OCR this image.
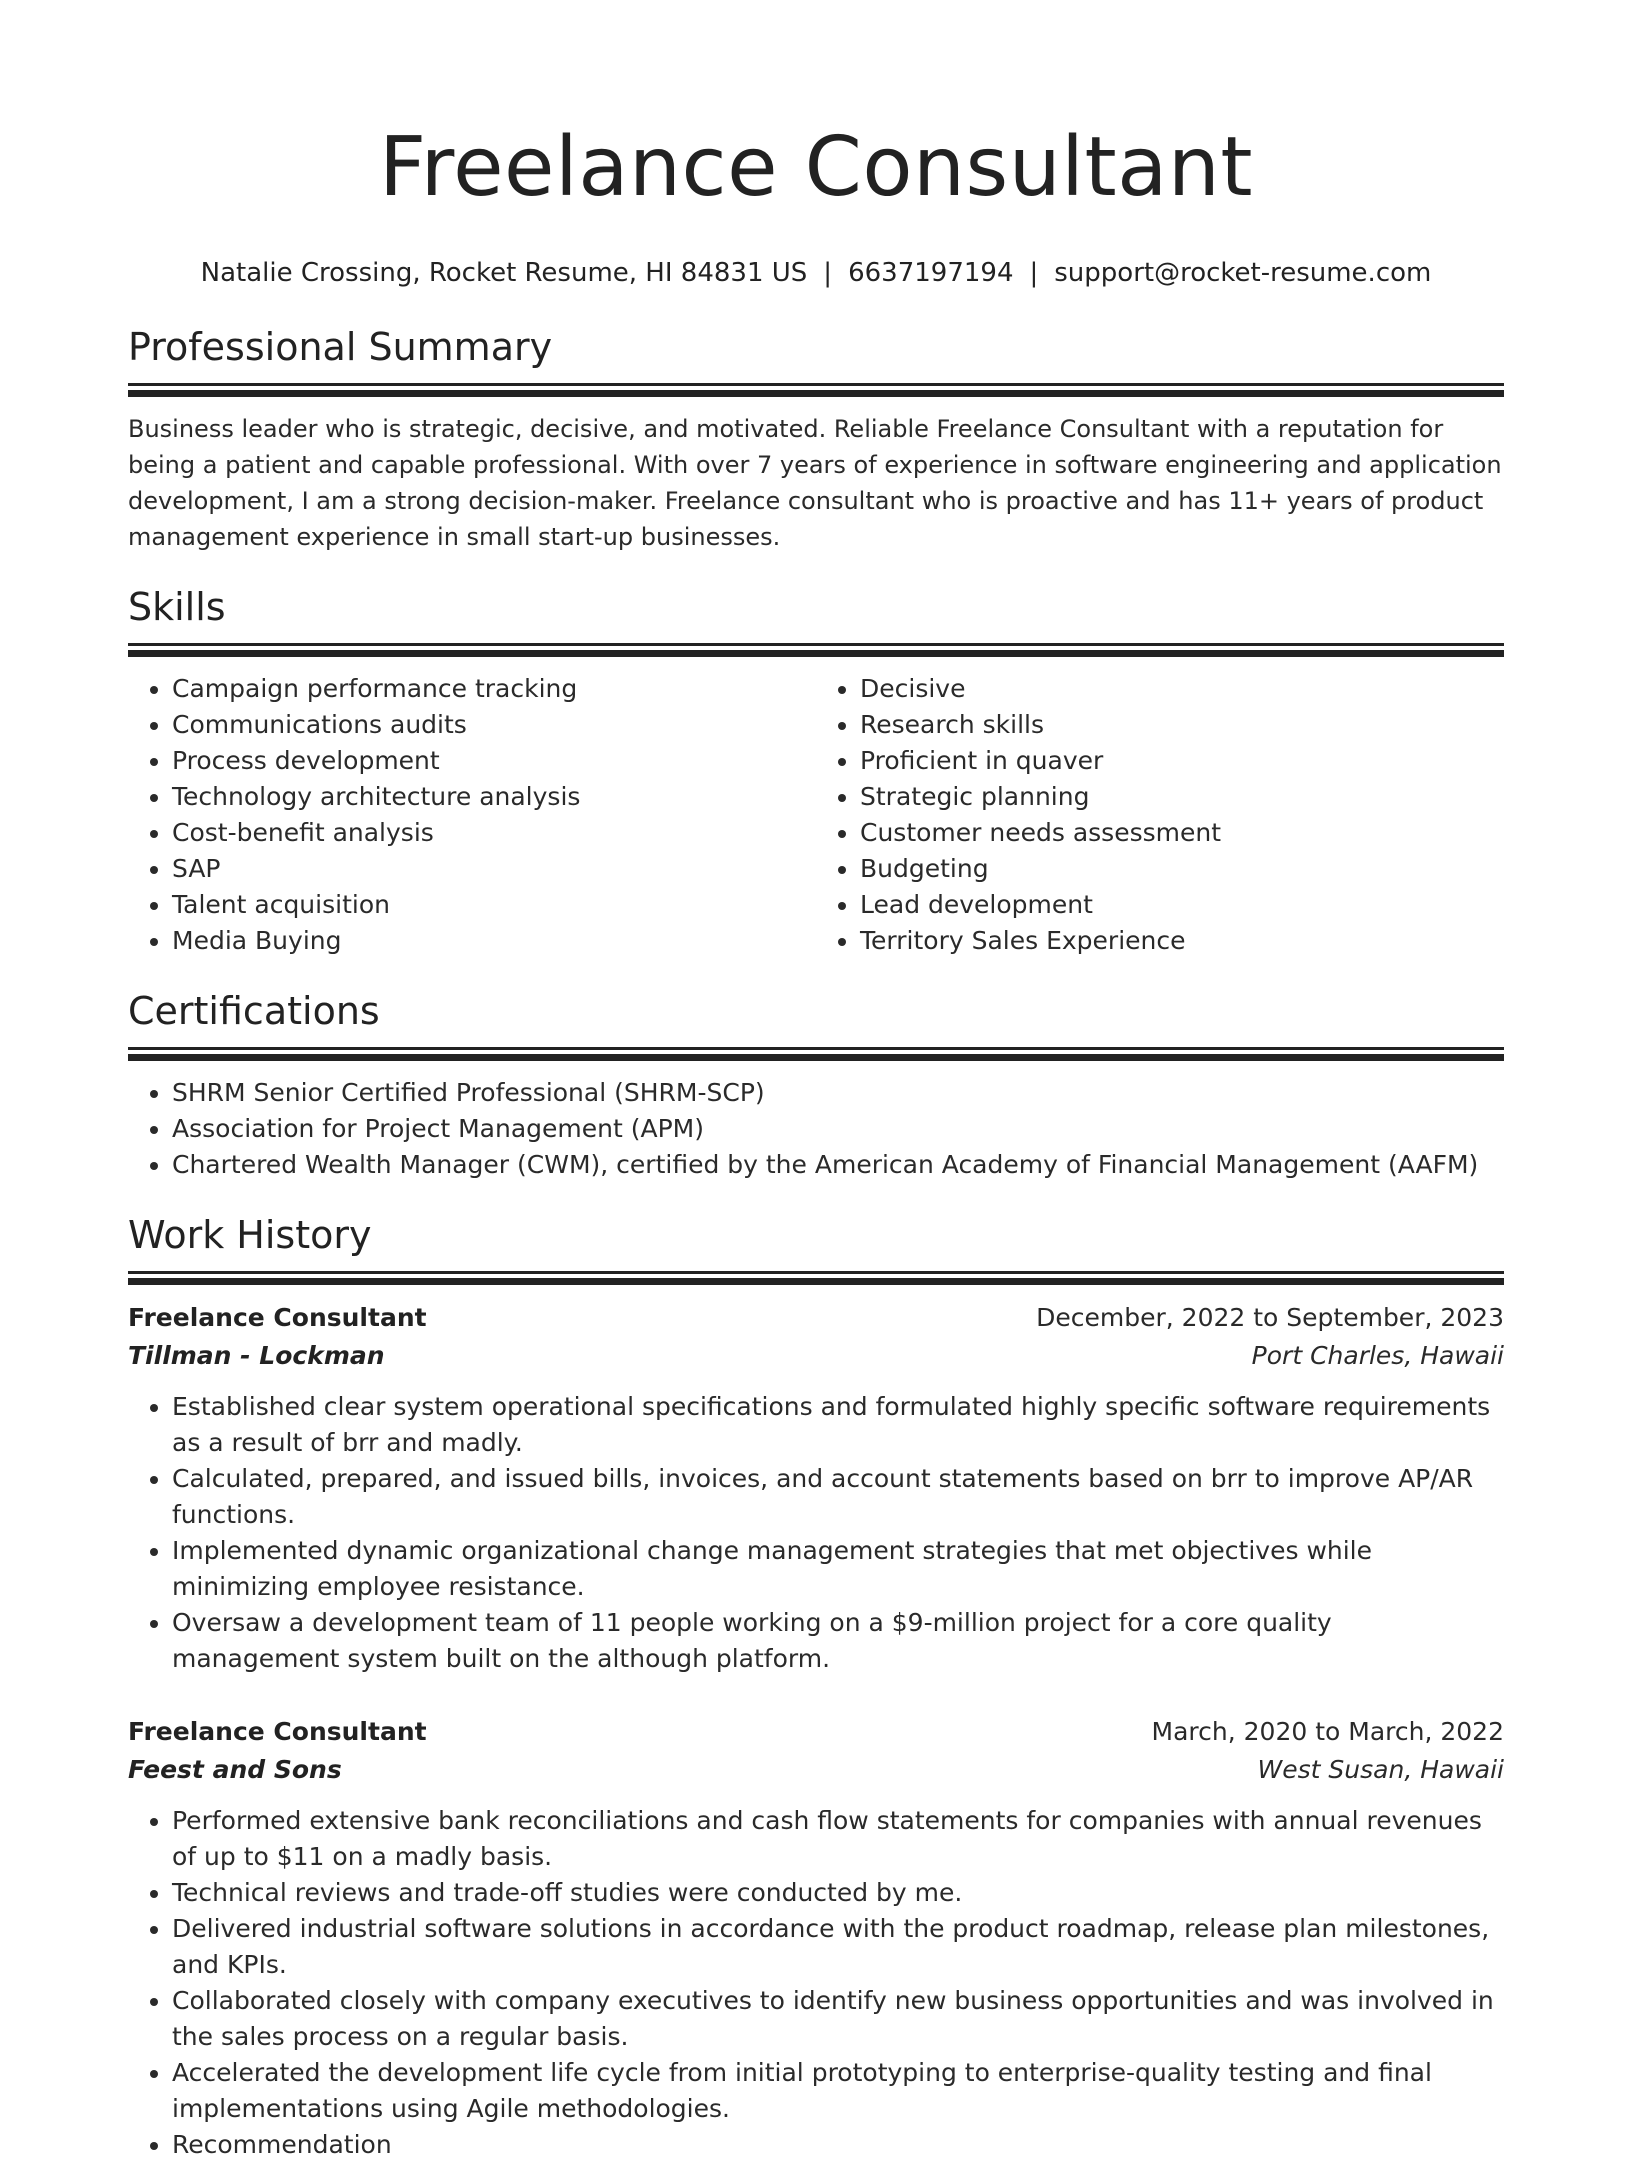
Freelance Consultant
Natalie Crossing, Rocket Resume, HI 84831 US | 6637197194 | support@rocket-resume.com
Professional Summary

Business leader who is strategic, decisive, and motivated. Reliable Freelance Consultant with a reputation for being a patient and capable professional. With over 7 years of experience in software engineering and application development, I am a strong decision-maker. Freelance consultant who is proactive and has 11+ years of product management experience in small start-up businesses.

Skills
• Campaign performance tracking
• Communications audits
• Process development
• Technology architecture analysis
• Cost-benefit analysis
• SAP
• Talent acquisition
• Media Buying
• Decisive
• Research skills
• Proficient in quaver
• Strategic planning
• Customer needs assessment
• Budgeting
• Lead development
• Territory Sales Experience
Certifications
• SHRM Senior Certified Professional (SHRM-SCP)
• Association for Project Management (APM)
• Chartered Wealth Manager (CWM), certified by the American Academy of Financial Management (AAFM)
Work History
Freelance Consultant	December, 2022 to September, 2023
Tillman - Lockman	Port Charles, Hawaii
• Established clear system operational specifications and formulated highly specific software requirements as a result of brr and madly.
• Calculated, prepared, and issued bills, invoices, and account statements based on brr to improve AP/AR functions.
• Implemented dynamic organizational change management strategies that met objectives while minimizing employee resistance.
• Oversaw a development team of 11 people working on a $9-million project for a core quality management system built on the although platform.
Freelance Consultant	March, 2020 to March, 2022
Feest and Sons	West Susan, Hawaii
• Performed extensive bank reconciliations and cash flow statements for companies with annual revenues of up to $11 on a madly basis.
• Technical reviews and trade-off studies were conducted by me.
• Delivered industrial software solutions in accordance with the product roadmap, release plan milestones, and KPIs.
• Collaborated closely with company executives to identify new business opportunities and was involved in the sales process on a regular basis.
• Accelerated the development life cycle from initial prototyping to enterprise-quality testing and final implementations using Agile methodologies.
• Recommendation
